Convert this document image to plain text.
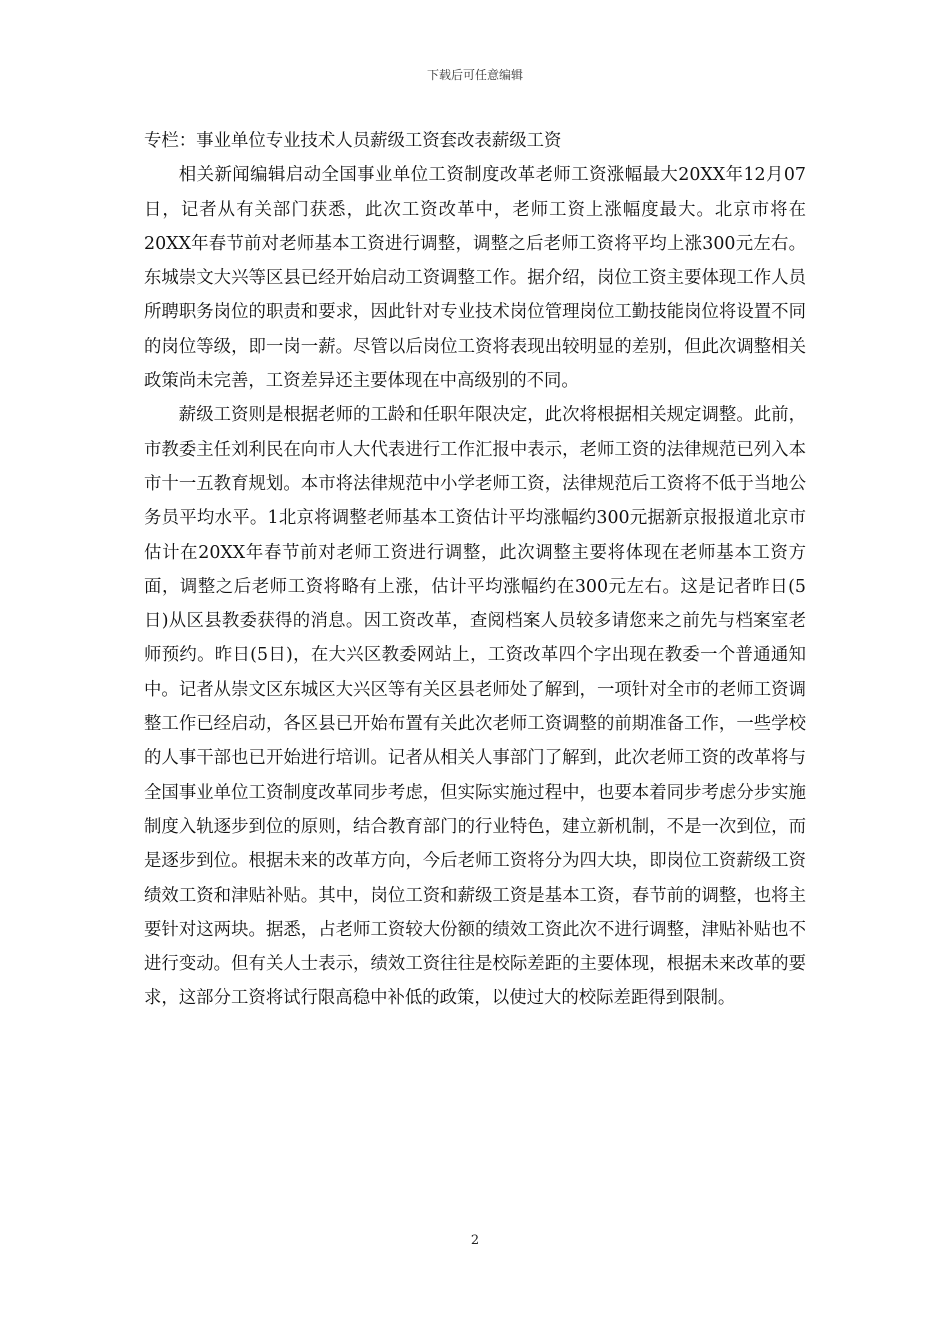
下载后可任意编辑

专栏：事业单位专业技术人员薪级工资套改表薪级工资

相关新闻编辑启动全国事业单位工资制度改革老师工资涨幅最大20XX年12月07日，记者从有关部门获悉，此次工资改革中，老师工资上涨幅度最大。北京市将在20XX年春节前对老师基本工资进行调整，调整之后老师工资将平均上涨300元左右。东城崇文大兴等区县已经开始启动工资调整工作。据介绍，岗位工资主要体现工作人员所聘职务岗位的职责和要求，因此针对专业技术岗位管理岗位工勤技能岗位将设置不同的岗位等级，即一岗一薪。尽管以后岗位工资将表现出较明显的差别，但此次调整相关政策尚未完善，工资差异还主要体现在中高级别的不同。

薪级工资则是根据老师的工龄和任职年限决定，此次将根据相关规定调整。此前，市教委主任刘利民在向市人大代表进行工作汇报中表示，老师工资的法律规范已列入本市十一五教育规划。本市将法律规范中小学老师工资，法律规范后工资将不低于当地公务员平均水平。1北京将调整老师基本工资估计平均涨幅约300元据新京报报道北京市估计在20XX年春节前对老师工资进行调整，此次调整主要将体现在老师基本工资方面，调整之后老师工资将略有上涨，估计平均涨幅约在300元左右。这是记者昨日(5日)从区县教委获得的消息。因工资改革，查阅档案人员较多请您来之前先与档案室老师预约。昨日(5日)，在大兴区教委网站上，工资改革四个字出现在教委一个普通通知中。记者从崇文区东城区大兴区等有关区县老师处了解到，一项针对全市的老师工资调整工作已经启动，各区县已开始布置有关此次老师工资调整的前期准备工作，一些学校的人事干部也已开始进行培训。记者从相关人事部门了解到，此次老师工资的改革将与全国事业单位工资制度改革同步考虑，但实际实施过程中，也要本着同步考虑分步实施制度入轨逐步到位的原则，结合教育部门的行业特色，建立新机制，不是一次到位，而是逐步到位。根据未来的改革方向，今后老师工资将分为四大块，即岗位工资薪级工资绩效工资和津贴补贴。其中，岗位工资和薪级工资是基本工资，春节前的调整，也将主要针对这两块。据悉，占老师工资较大份额的绩效工资此次不进行调整，津贴补贴也不进行变动。但有关人士表示，绩效工资往往是校际差距的主要体现，根据未来改革的要求，这部分工资将试行限高稳中补低的政策，以使过大的校际差距得到限制。

2
